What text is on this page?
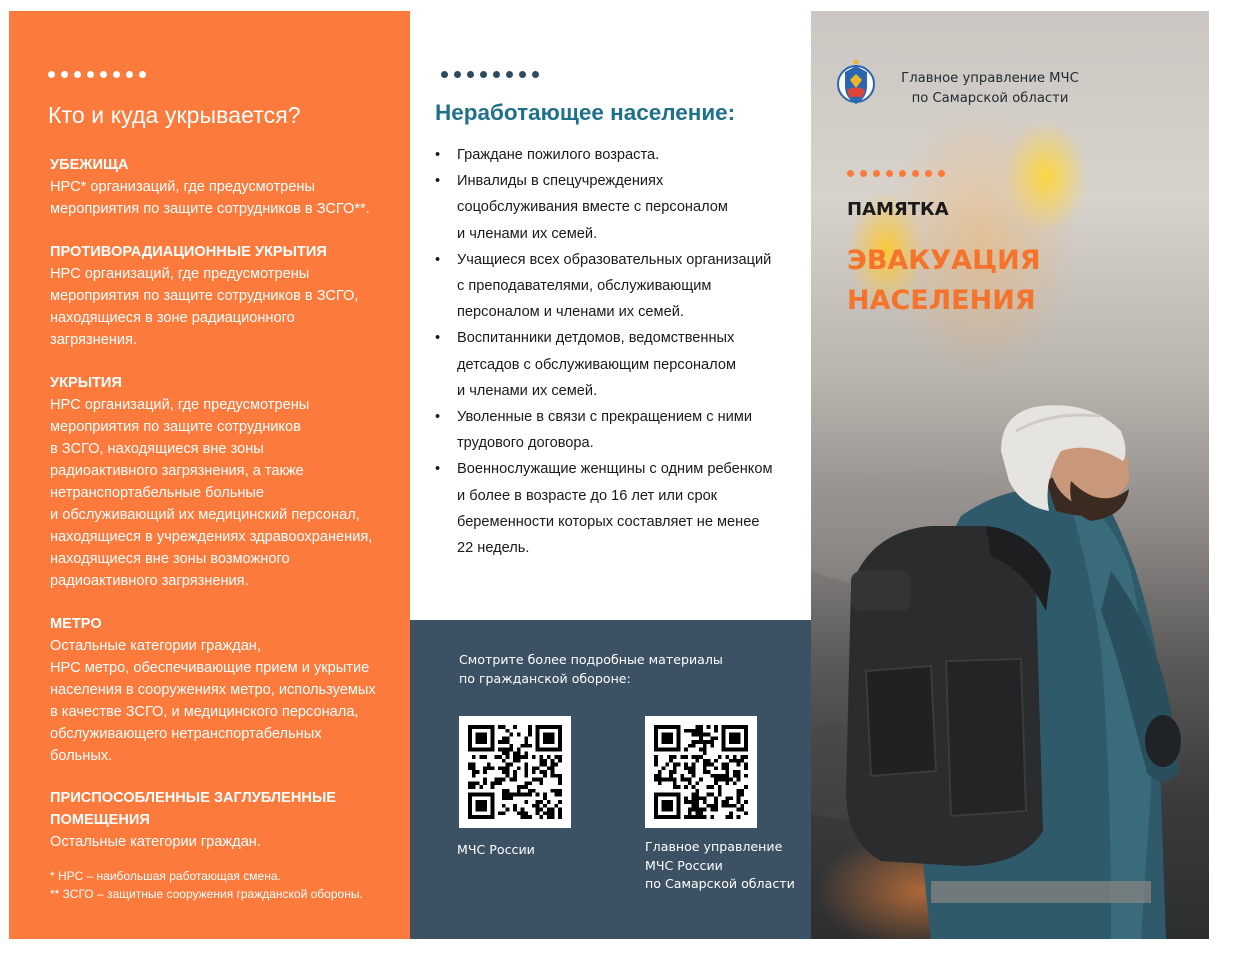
Кто и куда укрывается?
УБЕЖИЩА
НРС* организаций, где предусмотрены
мероприятия по защите сотрудников в ЗСГО**.
ПРОТИВОРАДИАЦИОННЫЕ УКРЫТИЯ
НРС организаций, где предусмотрены
мероприятия по защите сотрудников в ЗСГО,
находящиеся в зоне радиационного
загрязнения.
УКРЫТИЯ
НРС организаций, где предусмотрены
мероприятия по защите сотрудников
в ЗСГО, находящиеся вне зоны
радиоактивного загрязнения, а также
нетранспортабельные больные
и обслуживающий их медицинский персонал,
находящиеся в учреждениях здравоохранения,
находящиеся вне зоны возможного
радиоактивного загрязнения.
МЕТРО
Остальные категории граждан,
НРС метро, обеспечивающие прием и укрытие
населения в сооружениях метро, используемых
в качестве ЗСГО, и медицинского персонала,
обслуживающего нетранспортабельных
больных.
ПРИСПОСОБЛЕННЫЕ ЗАГЛУБЛЕННЫЕ
ПОМЕЩЕНИЯ
Остальные категории граждан.
* НРС – наибольшая работающая смена.
** ЗСГО – защитные сооружения гражданской обороны.
Неработающее население:
• Граждане пожилого возраста.
• Инвалиды в спецучреждениях
соцобслуживания вместе с персоналом
и членами их семей.
• Учащиеся всех образовательных организаций
с преподавателями, обслуживающим
персоналом и членами их семей.
• Воспитанники детдомов, ведомственных
детсадов с обслуживающим персоналом
и членами их семей.
• Уволенные в связи с прекращением с ними
трудового договора.
• Военнослужащие женщины с одним ребенком
и более в возрасте до 16 лет или срок
беременности которых составляет не менее
22 недель.
Смотрите более подробные материалы
по гражданской обороне:
МЧС России	Главное управление
МЧС России
по Самарской области
Главное управление МЧС
по Самарской области
ПАМЯТКА
ЭВАКУАЦИЯ
НАСЕЛЕНИЯ
